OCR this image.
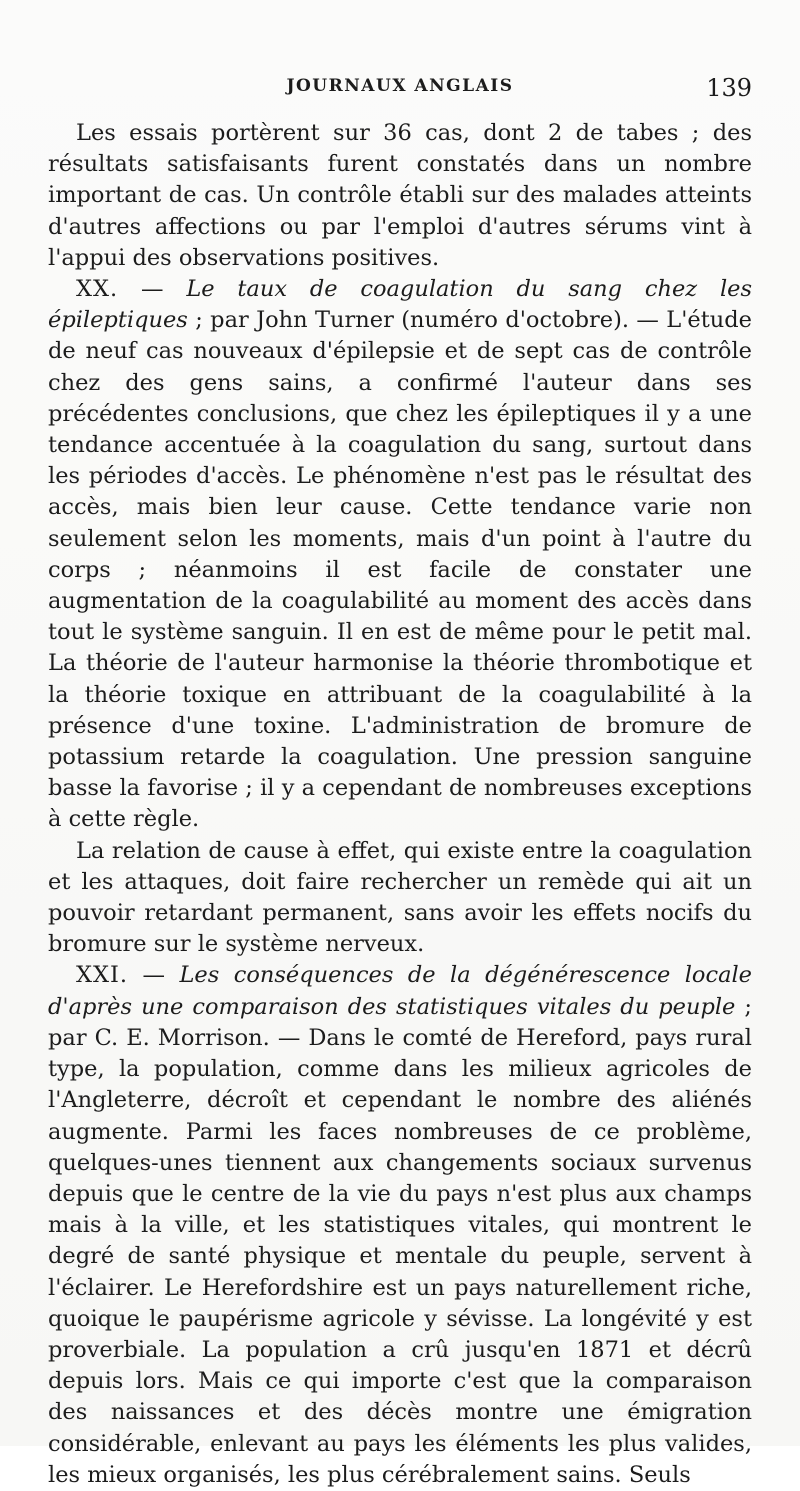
JOURNAUX ANGLAIS	139

Les essais portèrent sur 36 cas, dont 2 de tabes ; des résultats satisfaisants furent constatés dans un nombre important de cas. Un contrôle établi sur des malades atteints d'autres affections ou par l'emploi d'autres sérums vint à l'appui des observations positives.

XX. — Le taux de coagulation du sang chez les épileptiques ; par John Turner (numéro d'octobre). — L'étude de neuf cas nouveaux d'épilepsie et de sept cas de contrôle chez des gens sains, a confirmé l'auteur dans ses précédentes conclusions, que chez les épileptiques il y a une tendance accentuée à la coagulation du sang, surtout dans les périodes d'accès. Le phénomène n'est pas le résultat des accès, mais bien leur cause. Cette tendance varie non seulement selon les moments, mais d'un point à l'autre du corps ; néanmoins il est facile de constater une augmentation de la coagulabilité au moment des accès dans tout le système sanguin. Il en est de même pour le petit mal. La théorie de l'auteur harmonise la théorie thrombotique et la théorie toxique en attribuant de la coagulabilité à la présence d'une toxine. L'administration de bromure de potassium retarde la coagulation. Une pression sanguine basse la favorise ; il y a cependant de nombreuses exceptions à cette règle.

La relation de cause à effet, qui existe entre la coagulation et les attaques, doit faire rechercher un remède qui ait un pouvoir retardant permanent, sans avoir les effets nocifs du bromure sur le système nerveux.

XXI. — Les conséquences de la dégénérescence locale d'après une comparaison des statistiques vitales du peuple ; par C. E. Morrison. — Dans le comté de Hereford, pays rural type, la population, comme dans les milieux agricoles de l'Angleterre, décroît et cependant le nombre des aliénés augmente. Parmi les faces nombreuses de ce problème, quelques-unes tiennent aux changements sociaux survenus depuis que le centre de la vie du pays n'est plus aux champs mais à la ville, et les statistiques vitales, qui montrent le degré de santé physique et mentale du peuple, servent à l'éclairer. Le Herefordshire est un pays naturellement riche, quoique le paupérisme agricole y sévisse. La longévité y est proverbiale. La population a crû jusqu'en 1871 et décrû depuis lors. Mais ce qui importe c'est que la comparaison des naissances et des décès montre une émigration considérable, enlevant au pays les éléments les plus valides, les mieux organisés, les plus cérébralement sains. Seuls
